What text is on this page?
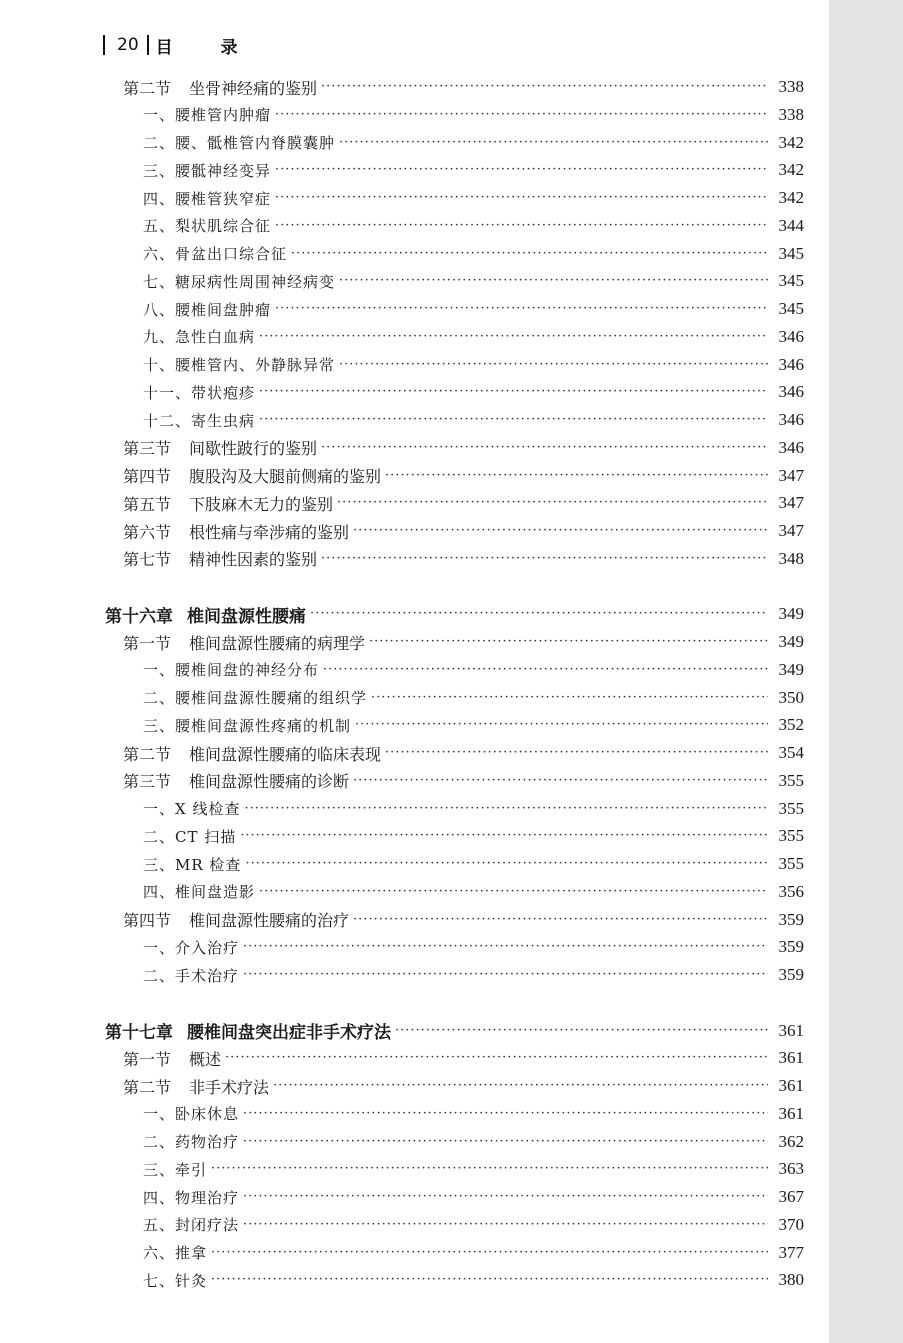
20 目 录
第二节 坐骨神经痛的鉴别 ·····	338
一、 腰椎管内肿瘤 ·····	338
二、 腰、骶椎管内脊膜囊肿 ·····	342
三、 腰骶神经变异 ·····	342
四、 腰椎管狭窄症 ·····	342
五、 梨状肌综合征 ·····	344
六、 骨盆出口综合征 ·····	345
七、 糖尿病性周围神经病变 ·····	345
八、 腰椎间盘肿瘤 ·····	345
九、 急性白血病 ·····	346
十、 腰椎管内、外静脉异常 ·····	346
十一、 带状疱疹 ·····	346
十二、 寄生虫病 ·····	346
第三节 间歇性跛行的鉴别 ·····	346
第四节 腹股沟及大腿前侧痛的鉴别 ·····	347
第五节 下肢麻木无力的鉴别 ·····	347
第六节 根性痛与牵涉痛的鉴别 ·····	347
第七节 精神性因素的鉴别 ·····	348
第十六章 椎间盘源性腰痛 ·····	349
第一节 椎间盘源性腰痛的病理学 ·····	349
一、 腰椎间盘的神经分布 ·····	349
二、 腰椎间盘源性腰痛的组织学 ·····	350
三、 腰椎间盘源性疼痛的机制 ·····	352
第二节 椎间盘源性腰痛的临床表现 ·····	354
第三节 椎间盘源性腰痛的诊断 ·····	355
一、 X 线检查 ·····	355
二、 CT 扫描 ·····	355
三、 MR 检查 ·····	355
四、 椎间盘造影 ·····	356
第四节 椎间盘源性腰痛的治疗 ·····	359
一、 介入治疗 ·····	359
二、 手术治疗 ·····	359
第十七章 腰椎间盘突出症非手术疗法 ·····	361
第一节 概述 ·····	361
第二节 非手术疗法 ·····	361
一、 卧床休息 ·····	361
二、 药物治疗 ·····	362
三、 牵引 ·····	363
四、 物理治疗 ·····	367
五、 封闭疗法 ·····	370
六、 推拿 ·····	377
七、 针灸 ·····	380
